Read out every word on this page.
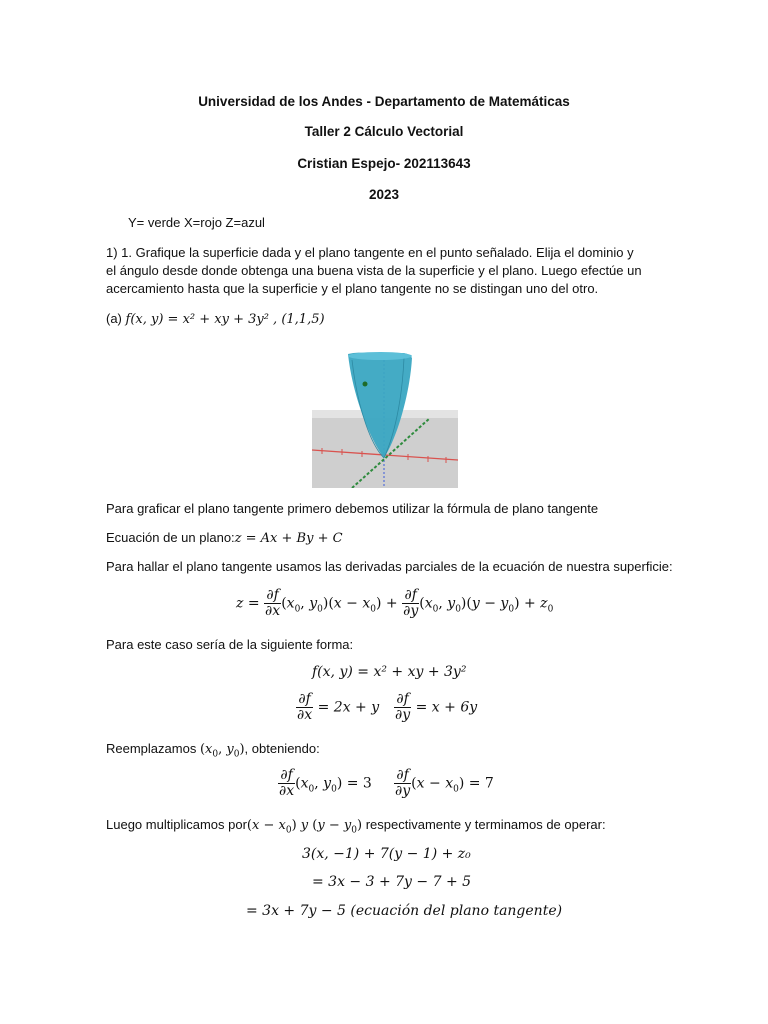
Universidad de los Andes - Departamento de Matemáticas
Taller 2 Cálculo Vectorial
Cristian Espejo- 202113643
2023
Y= verde X=rojo Z=azul
1) 1. Grafique la superficie dada y el plano tangente en el punto señalado. Elija el dominio y el ángulo desde donde obtenga una buena vista de la superficie y el plano. Luego efectúe un acercamiento hasta que la superficie y el plano tangente no se distingan uno del otro.
(a) f(x, y) = x² + xy + 3y² , (1,1,5)
Para graficar el plano tangente primero debemos utilizar la fórmula de plano tangente
Ecuación de un plano:z = Ax + By + C
Para hallar el plano tangente usamos las derivadas parciales de la ecuación de nuestra superficie:
$z = \frac{\partial f}{\partial x} (x_0$, $y_0)(x - x_0) + \frac{\partial f}{\partial y} (x_0$, $y_0)(y - y_0) + z_0$
Para este caso sería de la siguiente forma:
f(x, y) = x² + xy + 3y²
$\frac{\partial f}{\partial x} = 2x + y \frac{\partial f}{\partial y} = x + 6y$
Reemplazamos ($x_0$, $y_0$), obteniendo:
$\frac{\partial f}{\partial x} (x_0$, $y_0) = 3 \frac{\partial f}{\partial y} (x - x_0) = 7$
Luego multiplicamos $por(x - x_0)$ y $(y - y_0)$ respectivamente y terminamos de operar:
3(x, −1) + 7(y − 1) + z₀
= 3x − 3 + 7y − 7 + 5
= 3x + 7y − 5 (ecuación del plano tangente)
